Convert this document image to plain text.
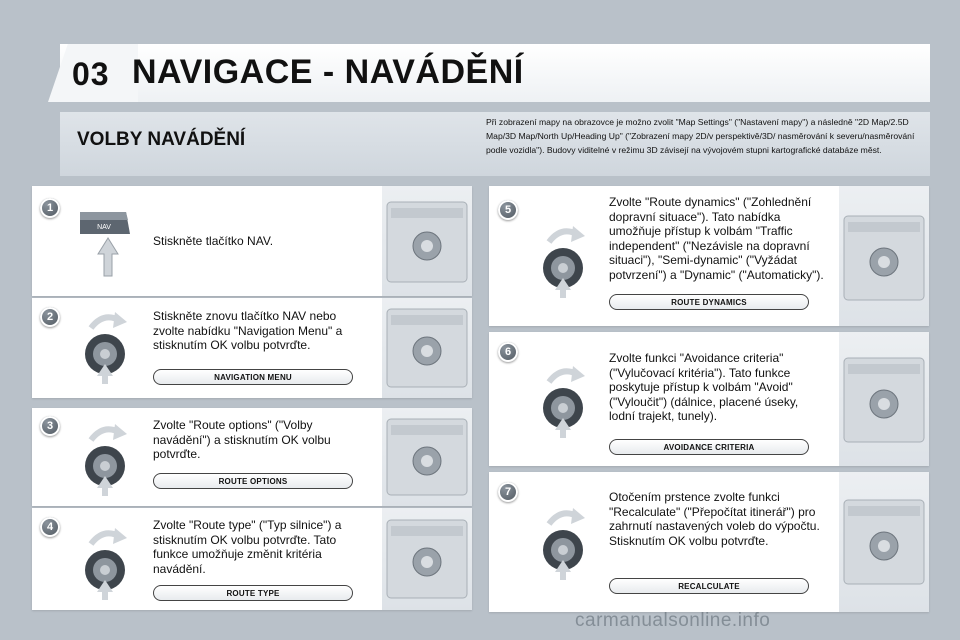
03 NAVIGACE - NAVÁDĚNÍ
VOLBY NAVÁDĚNÍ
Při zobrazení mapy na obrazovce je možno zvolit "Map Settings" ("Nastavení mapy") a následně "2D Map/2.5D Map/3D Map/North Up/Heading Up" ("Zobrazení mapy 2D/v perspektivě/3D/ nasměrování k severu/nasměrování podle vozidla"). Budovy viditelné v režimu 3D závisejí na vývojovém stupni kartografické databáze měst.
1
NAV
Stiskněte tlačítko NAV.
2	Stiskněte znovu tlačítko NAV nebo zvolte nabídku "Navigation Menu" a stisknutím OK volbu potvrďte.
NAVIGATION MENU
3	Zvolte "Route options" ("Volby navádění") a stisknutím OK volbu potvrďte.
ROUTE OPTIONS
4	Zvolte "Route type" ("Typ silnice") a stisknutím OK volbu potvrďte. Tato funkce umožňuje změnit kritéria navádění.
ROUTE TYPE
5
Zvolte "Route dynamics" ("Zohlednění dopravní situace"). Tato nabídka umožňuje přístup k volbám "Traffic independent" ("Nezávisle na dopravní situaci"), "Semi-dynamic" ("Vyžádat potvrzení") a "Dynamic" ("Automaticky").
ROUTE DYNAMICS
6	Zvolte funkci "Avoidance criteria" ("Vylučovací kritéria"). Tato funkce poskytuje přístup k volbám "Avoid" ("Vyloučit") (dálnice, placené úseky, lodní trajekt, tunely).
AVOIDANCE CRITERIA
7	Otočením prstence zvolte funkci "Recalculate" ("Přepočítat itinerář") pro zahrnutí nastavených voleb do výpočtu. Stisknutím OK volbu potvrďte.
RECALCULATE
carmanualsonline.info
